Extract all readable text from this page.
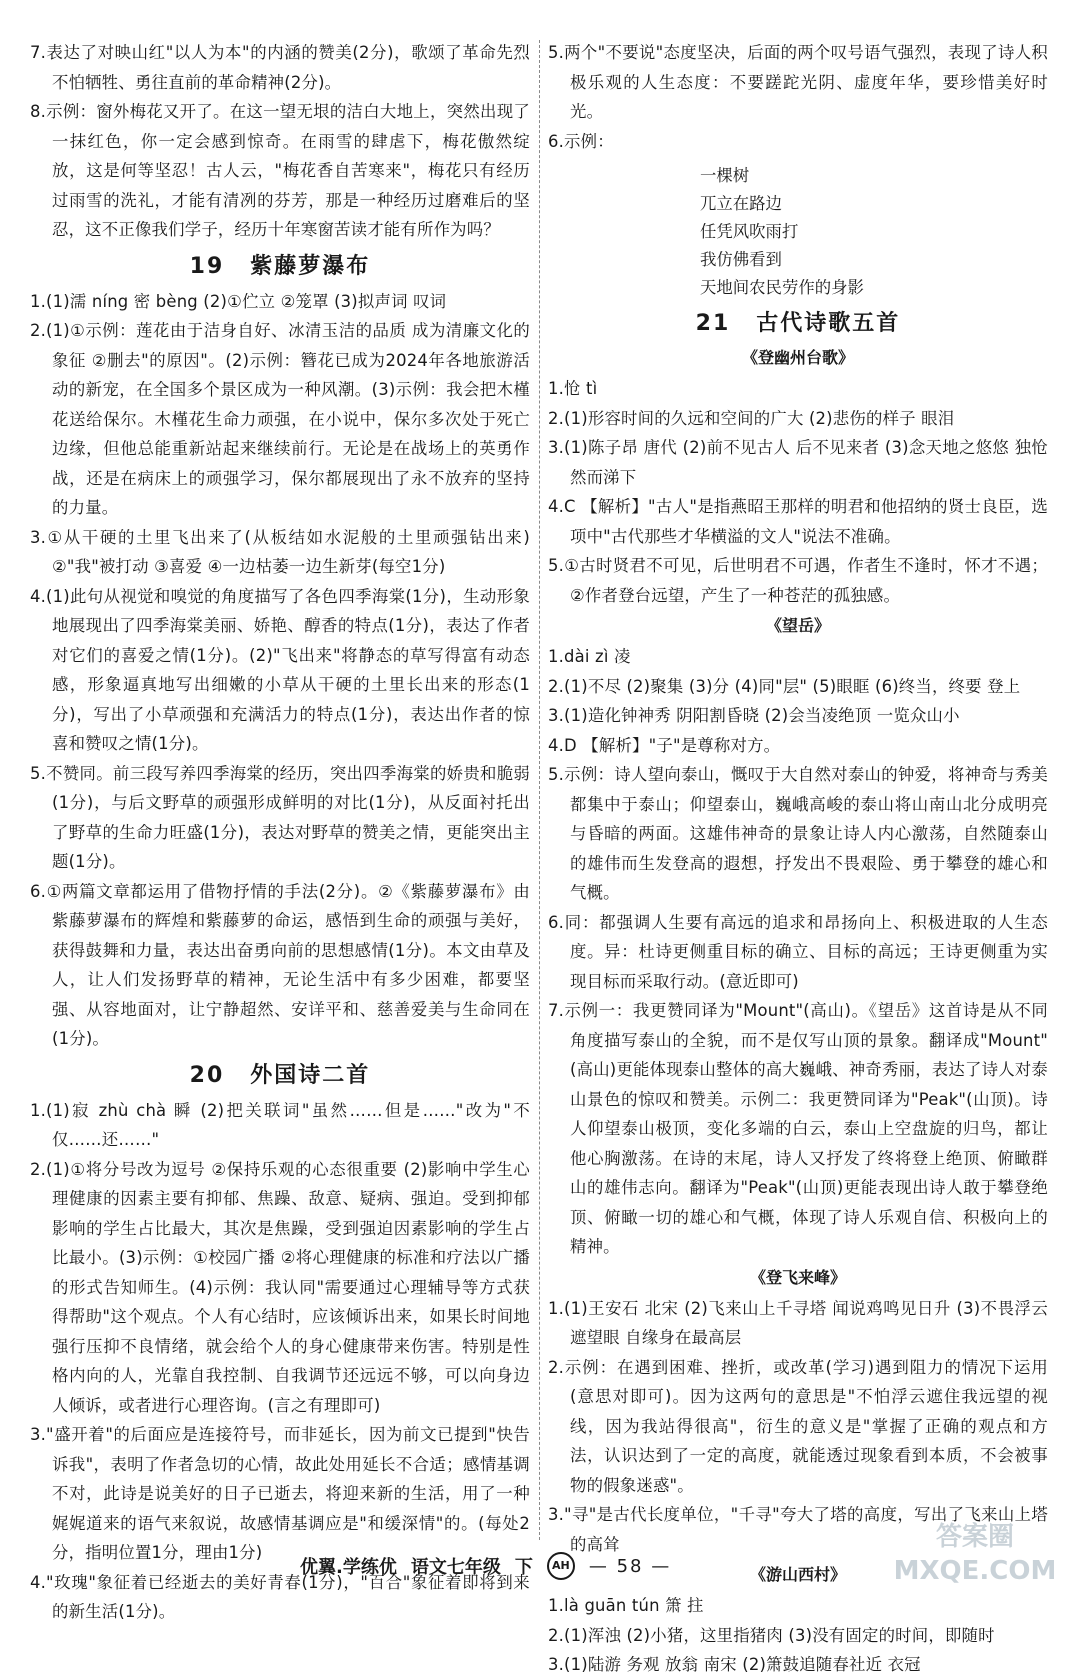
7.表达了对映山红"以人为本"的内涵的赞美(2分)，歌颂了革命先烈不怕牺牲、勇往直前的革命精神(2分)。

8.示例：窗外梅花又开了。在这一望无垠的洁白大地上，突然出现了一抹红色，你一定会感到惊奇。在雨雪的肆虐下，梅花傲然绽放，这是何等坚忍！古人云，"梅花香自苦寒来"，梅花只有经历过雨雪的洗礼，才能有清冽的芬芳，那是一种经历过磨难后的坚忍，这不正像我们学子，经历十年寒窗苦读才能有所作为吗？

19 紫藤萝瀑布

1.(1)濡 níng 密 bèng (2)①伫立 ②笼罩 (3)拟声词 叹词

2.(1)①示例：莲花由于洁身自好、冰清玉洁的品质 成为清廉文化的象征 ②删去"的原因"。(2)示例：簪花已成为2024年各地旅游活动的新宠，在全国多个景区成为一种风潮。(3)示例：我会把木槿花送给保尔。木槿花生命力顽强，在小说中，保尔多次处于死亡边缘，但他总能重新站起来继续前行。无论是在战场上的英勇作战，还是在病床上的顽强学习，保尔都展现出了永不放弃的坚持的力量。

3.①从干硬的土里飞出来了(从板结如水泥般的土里顽强钻出来) ②"我"被打动 ③喜爱 ④一边枯萎一边生新芽(每空1分)

4.(1)此句从视觉和嗅觉的角度描写了各色四季海棠(1分)，生动形象地展现出了四季海棠美丽、娇艳、醇香的特点(1分)，表达了作者对它们的喜爱之情(1分)。(2)"飞出来"将静态的草写得富有动态感，形象逼真地写出细嫩的小草从干硬的土里长出来的形态(1分)，写出了小草顽强和充满活力的特点(1分)，表达出作者的惊喜和赞叹之情(1分)。

5.不赞同。前三段写养四季海棠的经历，突出四季海棠的娇贵和脆弱(1分)，与后文野草的顽强形成鲜明的对比(1分)，从反面衬托出了野草的生命力旺盛(1分)，表达对野草的赞美之情，更能突出主题(1分)。

6.①两篇文章都运用了借物抒情的手法(2分)。②《紫藤萝瀑布》由紫藤萝瀑布的辉煌和紫藤萝的命运，感悟到生命的顽强与美好，获得鼓舞和力量，表达出奋勇向前的思想感情(1分)。本文由草及人，让人们发扬野草的精神，无论生活中有多少困难，都要坚强、从容地面对，让宁静超然、安详平和、慈善爱美与生命同在(1分)。

20 外国诗二首

1.(1)寂 zhù chà 瞬 (2)把关联词"虽然……但是……"改为"不仅……还……"

2.(1)①将分号改为逗号 ②保持乐观的心态很重要 (2)影响中学生心理健康的因素主要有抑郁、焦躁、敌意、疑病、强迫。受到抑郁影响的学生占比最大，其次是焦躁，受到强迫因素影响的学生占比最小。(3)示例：①校园广播 ②将心理健康的标准和疗法以广播的形式告知师生。(4)示例：我认同"需要通过心理辅导等方式获得帮助"这个观点。个人有心结时，应该倾诉出来，如果长时间地强行压抑不良情绪，就会给个人的身心健康带来伤害。特别是性格内向的人，光靠自我控制、自我调节还远远不够，可以向身边人倾诉，或者进行心理咨询。(言之有理即可)

3."盛开着"的后面应是连接符号，而非延长，因为前文已提到"快告诉我"，表明了作者急切的心情，故此处用延长不合适；感情基调不对，此诗是说美好的日子已逝去，将迎来新的生活，用了一种娓娓道来的语气来叙说，故感情基调应是"和缓深情"的。(每处2分，指明位置1分，理由1分)

4."玫瑰"象征着已经逝去的美好青春(1分)，"百合"象征着即将到来的新生活(1分)。

5.两个"不要说"态度坚决，后面的两个叹号语气强烈，表现了诗人积极乐观的人生态度：不要蹉跎光阴、虚度年华，要珍惜美好时光。

6.示例：

一棵树
兀立在路边
任凭风吹雨打
我仿佛看到
天地间农民劳作的身影
21 古代诗歌五首
《登幽州台歌》

1.怆 tì

2.(1)形容时间的久远和空间的广大 (2)悲伤的样子 眼泪

3.(1)陈子昂 唐代 (2)前不见古人 后不见来者 (3)念天地之悠悠 独怆然而涕下

4.C 【解析】"古人"是指燕昭王那样的明君和他招纳的贤士良臣，选项中"古代那些才华横溢的文人"说法不准确。

5.①古时贤君不可见，后世明君不可遇，作者生不逢时，怀才不遇；②作者登台远望，产生了一种苍茫的孤独感。

《望岳》

1.dài zì 凌

2.(1)不尽 (2)聚集 (3)分 (4)同"层" (5)眼眶 (6)终当，终要 登上

3.(1)造化钟神秀 阴阳割昏晓 (2)会当凌绝顶 一览众山小

4.D 【解析】"子"是尊称对方。

5.示例：诗人望向泰山，慨叹于大自然对泰山的钟爱，将神奇与秀美都集中于泰山；仰望泰山，巍峨高峻的泰山将山南山北分成明亮与昏暗的两面。这雄伟神奇的景象让诗人内心激荡，自然随泰山的雄伟而生发登高的遐想，抒发出不畏艰险、勇于攀登的雄心和气概。

6.同：都强调人生要有高远的追求和昂扬向上、积极进取的人生态度。异：杜诗更侧重目标的确立、目标的高远；王诗更侧重为实现目标而采取行动。(意近即可)

7.示例一：我更赞同译为"Mount"(高山)。《望岳》这首诗是从不同角度描写泰山的全貌，而不是仅写山顶的景象。翻译成"Mount"(高山)更能体现泰山整体的高大巍峨、神奇秀丽，表达了诗人对泰山景色的惊叹和赞美。示例二：我更赞同译为"Peak"(山顶)。诗人仰望泰山极顶，变化多端的白云，泰山上空盘旋的归鸟，都让他心胸激荡。在诗的末尾，诗人又抒发了终将登上绝顶、俯瞰群山的雄伟志向。翻译为"Peak"(山顶)更能表现出诗人敢于攀登绝顶、俯瞰一切的雄心和气概，体现了诗人乐观自信、积极向上的精神。

《登飞来峰》

1.(1)王安石 北宋 (2)飞来山上千寻塔 闻说鸡鸣见日升 (3)不畏浮云遮望眼 自缘身在最高层

2.示例：在遇到困难、挫折，或改革(学习)遇到阻力的情况下运用(意思对即可)。因为这两句的意思是"不怕浮云遮住我远望的视线，因为我站得很高"，衍生的意义是"掌握了正确的观点和方法，认识达到了一定的高度，就能透过现象看到本质，不会被事物的假象迷惑"。

3."寻"是古代长度单位，"千寻"夸大了塔的高度，写出了飞来山上塔的高耸

《游山西村》

1.là guān tún 箫 拄

2.(1)浑浊 (2)小猪，这里指猪肉 (3)没有固定的时间，即随时

3.(1)陆游 务观 放翁 南宋 (2)箫鼓追随春社近 衣冠

优翼.学练优 语文七年级 下	AH — 58 —
答案圈
MXQE.COM
